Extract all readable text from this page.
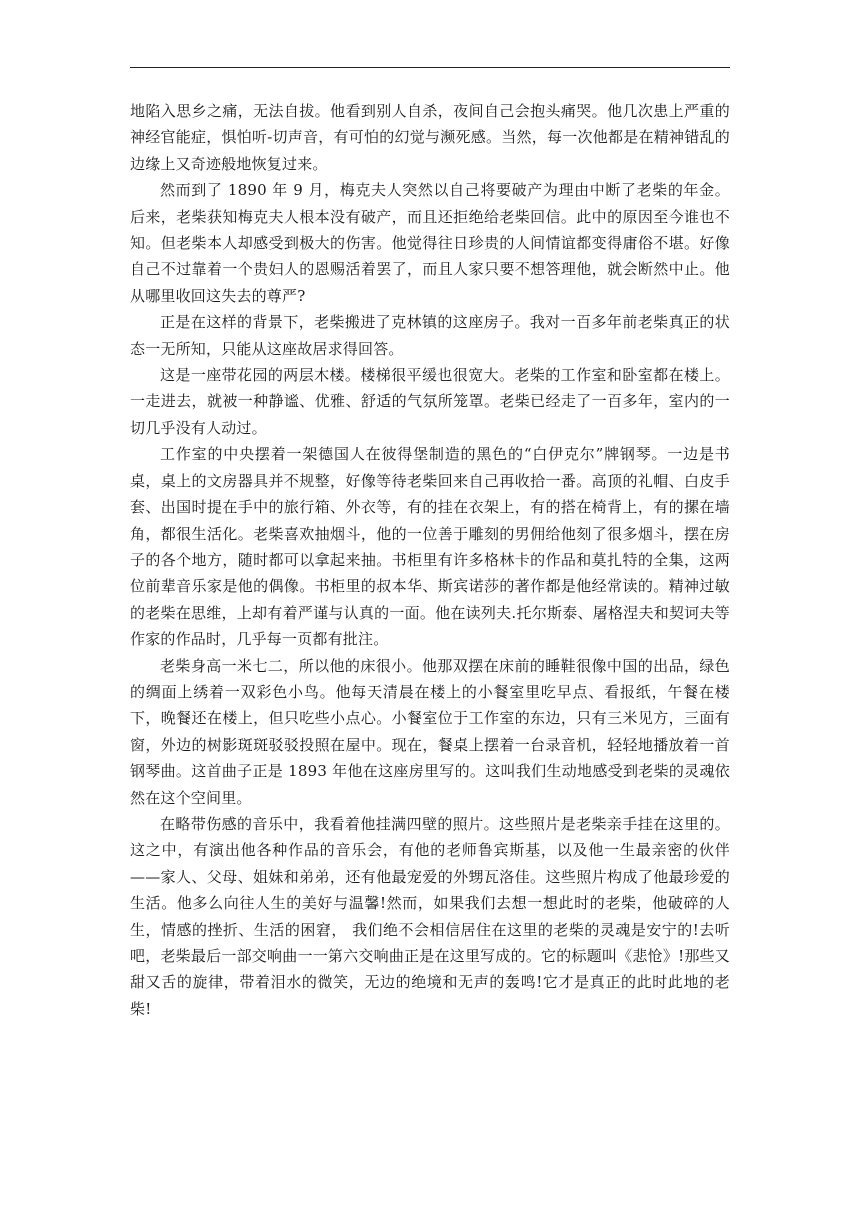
地陷入思乡之痛，无法自拔。他看到别人自杀，夜间自己会抱头痛哭。他几次患上严重的神经官能症，惧怕听-切声音，有可怕的幻觉与濒死感。当然，每一次他都是在精神错乱的边缘上又奇迹般地恢复过来。

然而到了 1890 年 9 月，梅克夫人突然以自己将要破产为理由中断了老柴的年金。后来，老柴获知梅克夫人根本没有破产，而且还拒绝给老柴回信。此中的原因至今谁也不知。但老柴本人却感受到极大的伤害。他觉得往日珍贵的人间情谊都变得庸俗不堪。好像自己不过靠着一个贵妇人的恩赐活着罢了，而且人家只要不想答理他，就会断然中止。他从哪里收回这失去的尊严?

正是在这样的背景下，老柴搬进了克林镇的这座房子。我对一百多年前老柴真正的状态一无所知，只能从这座故居求得回答。

这是一座带花园的两层木楼。楼梯很平缓也很宽大。老柴的工作室和卧室都在楼上。一走进去，就被一种静谧、优雅、舒适的气氛所笼罩。老柴已经走了一百多年，室内的一切几乎没有人动过。

工作室的中央摆着一架德国人在彼得堡制造的黑色的“白伊克尔”牌钢琴。一边是书桌，桌上的文房器具并不规整，好像等待老柴回来自己再收拾一番。高顶的礼帽、白皮手套、出国时提在手中的旅行箱、外衣等，有的挂在衣架上，有的搭在椅背上，有的摞在墙角，都很生活化。老柴喜欢抽烟斗，他的一位善于雕刻的男佣给他刻了很多烟斗，摆在房子的各个地方，随时都可以拿起来抽。书柜里有许多格林卡的作品和莫扎特的全集，这两位前辈音乐家是他的偶像。书柜里的叔本华、斯宾诺莎的著作都是他经常读的。精神过敏的老柴在思维，上却有着严谨与认真的一面。他在读列夫.托尔斯泰、屠格涅夫和契诃夫等作家的作品时，几乎每一页都有批注。

老柴身高一米七二，所以他的床很小。他那双摆在床前的睡鞋很像中国的出品，绿色的绸面上绣着一双彩色小鸟。他每天清晨在楼上的小餐室里吃早点、看报纸，午餐在楼下，晚餐还在楼上，但只吃些小点心。小餐室位于工作室的东边，只有三米见方，三面有窗，外边的树影斑斑驳驳投照在屋中。现在，餐桌上摆着一台录音机，轻轻地播放着一首钢琴曲。这首曲子正是 1893 年他在这座房里写的。这叫我们生动地感受到老柴的灵魂依然在这个空间里。

在略带伤感的音乐中，我看着他挂满四壁的照片。这些照片是老柴亲手挂在这里的。这之中，有演出他各种作品的音乐会，有他的老师鲁宾斯基，以及他一生最亲密的伙伴——家人、父母、姐妹和弟弟，还有他最宠爱的外甥瓦洛佳。这些照片构成了他最珍爱的生活。他多么向往人生的美好与温馨!然而，如果我们去想一想此时的老柴，他破碎的人生，情感的挫折、生活的困窘， 我们绝不会相信居住在这里的老柴的灵魂是安宁的!去听吧，老柴最后一部交响曲一一第六交响曲正是在这里写成的。它的标题叫《悲怆》!那些又甜又舌的旋律，带着泪水的微笑，无边的绝境和无声的轰鸣!它才是真正的此时此地的老柴!
